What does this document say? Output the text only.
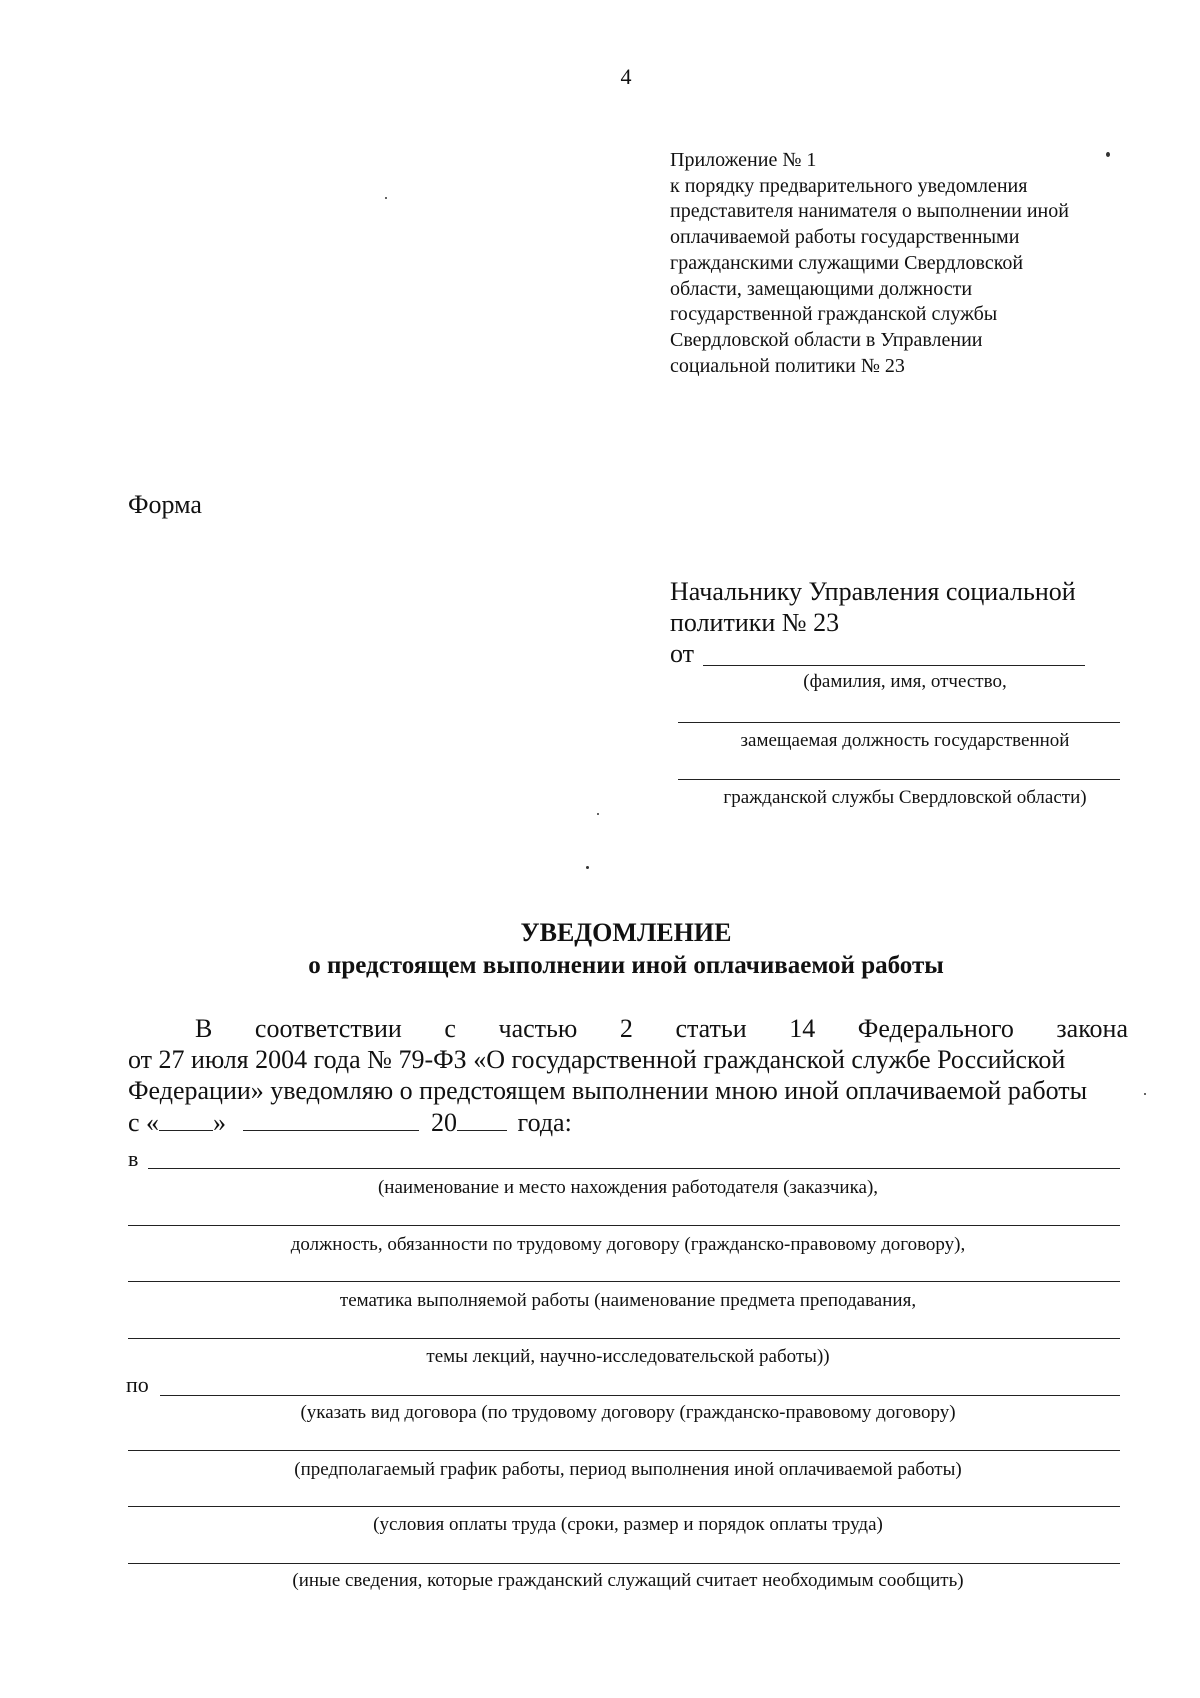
4
Приложение № 1
к порядку предварительного уведомления
представителя нанимателя о выполнении иной
оплачиваемой работы государственными
гражданскими служащими Свердловской
области, замещающими должности
государственной гражданской службы
Свердловской области в Управлении
социальной политики № 23
Форма
Начальнику Управления социальной
политики № 23
от
(фамилия, имя, отчество,
замещаемая должность государственной
гражданской службы Свердловской области)
УВЕДОМЛЕНИЕ
о предстоящем выполнении иной оплачиваемой работы
В соответствии с частью 2 статьи 14 Федерального закона
от 27 июля 2004 года № 79-ФЗ «О государственной гражданской службе Российской
Федерации» уведомляю о предстоящем выполнении мною иной оплачиваемой работы
с « »	20 года:
в
(наименование и место нахождения работодателя (заказчика),
должность, обязанности по трудовому договору (гражданско-правовому договору),
тематика выполняемой работы (наименование предмета преподавания,
темы лекций, научно-исследовательской работы))
по
(указать вид договора (по трудовому договору (гражданско-правовому договору)
(предполагаемый график работы, период выполнения иной оплачиваемой работы)
(условия оплаты труда (сроки, размер и порядок оплаты труда)
(иные сведения, которые гражданский служащий считает необходимым сообщить)
